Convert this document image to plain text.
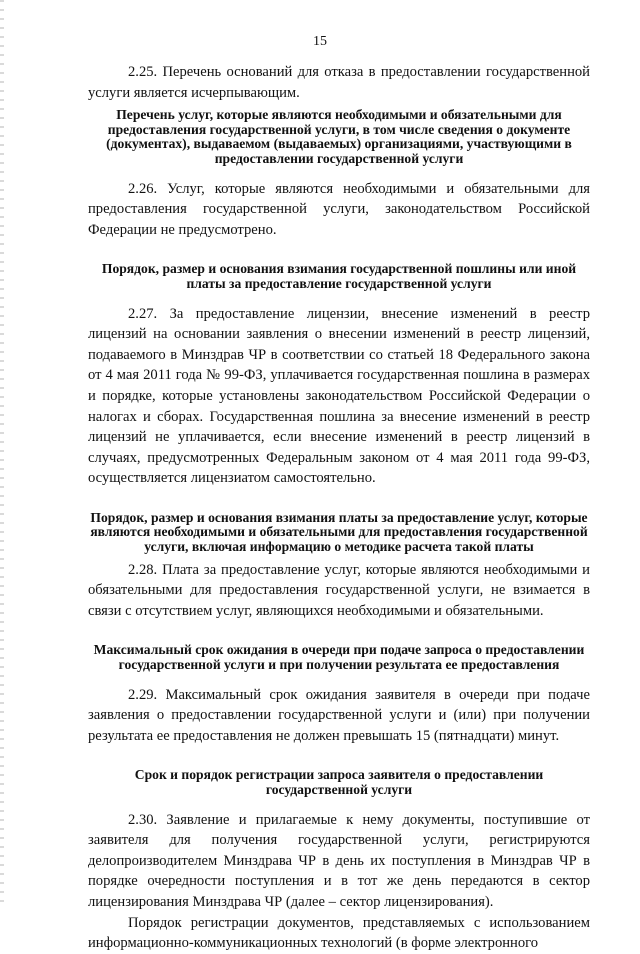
15

2.25. Перечень оснований для отказа в предоставлении государственной услуги является исчерпывающим.

Перечень услуг, которые являются необходимыми и обязательными для предоставления государственной услуги, в том числе сведения о документе (документах), выдаваемом (выдаваемых) организациями, участвующими в предоставлении государственной услуги

2.26. Услуг, которые являются необходимыми и обязательными для предоставления государственной услуги, законодательством Российской Федерации не предусмотрено.

Порядок, размер и основания взимания государственной пошлины или иной платы за предоставление государственной услуги

2.27. За предоставление лицензии, внесение изменений в реестр лицензий на основании заявления о внесении изменений в реестр лицензий, подаваемого в Минздрав ЧР в соответствии со статьей 18 Федерального закона от 4 мая 2011 года № 99-ФЗ, уплачивается государственная пошлина в размерах и порядке, которые установлены законодательством Российской Федерации о налогах и сборах. Государственная пошлина за внесение изменений в реестр лицензий не уплачивается, если внесение изменений в реестр лицензий в случаях, предусмотренных Федеральным законом от 4 мая 2011 года 99-ФЗ, осуществляется лицензиатом самостоятельно.

Порядок, размер и основания взимания платы за предоставление услуг, которые являются необходимыми и обязательными для предоставления государственной услуги, включая информацию о методике расчета такой платы

2.28. Плата за предоставление услуг, которые являются необходимыми и обязательными для предоставления государственной услуги, не взимается в связи с отсутствием услуг, являющихся необходимыми и обязательными.

Максимальный срок ожидания в очереди при подаче запроса о предоставлении государственной услуги и при получении результата ее предоставления

2.29. Максимальный срок ожидания заявителя в очереди при подаче заявления о предоставлении государственной услуги и (или) при получении результата ее предоставления не должен превышать 15 (пятнадцати) минут.

Срок и порядок регистрации запроса заявителя о предоставлении государственной услуги

2.30. Заявление и прилагаемые к нему документы, поступившие от заявителя для получения государственной услуги, регистрируются делопроизводителем Минздрава ЧР в день их поступления в Минздрав ЧР в порядке очередности поступления и в тот же день передаются в сектор лицензирования Минздрава ЧР (далее – сектор лицензирования).

Порядок регистрации документов, представляемых с использованием информационно-коммуникационных технологий (в форме электронного
